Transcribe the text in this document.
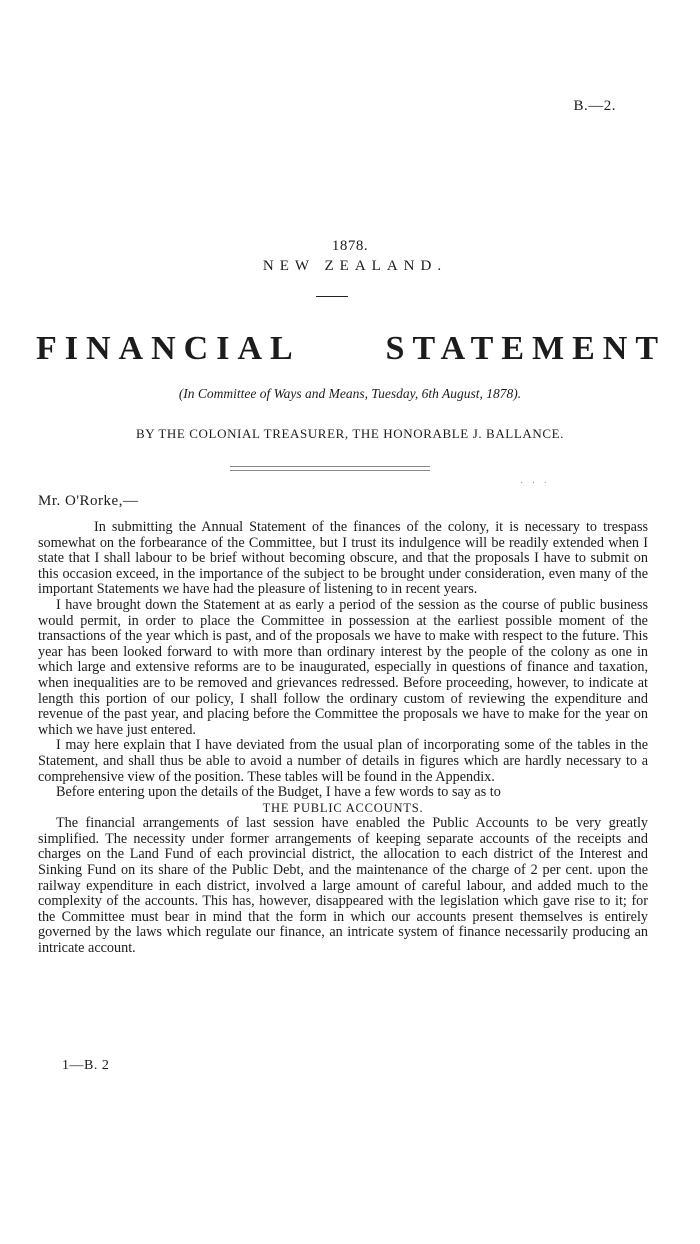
B.—2.
1878.
NEW ZEALAND.
FINANCIAL STATEMENT
(In Committee of Ways and Means, Tuesday, 6th August, 1878).
BY THE COLONIAL TREASURER, THE HONORABLE J. BALLANCE.
· · ·
Mr. O'Rorke,—

In submitting the Annual Statement of the finances of the colony, it is necessary to trespass somewhat on the forbearance of the Committee, but I trust its indulgence will be readily extended when I state that I shall labour to be brief without becoming obscure, and that the proposals I have to submit on this occasion exceed, in the importance of the subject to be brought under consideration, even many of the important Statements we have had the pleasure of listening to in recent years.

I have brought down the Statement at as early a period of the session as the course of public business would permit, in order to place the Committee in possession at the earliest possible moment of the transactions of the year which is past, and of the proposals we have to make with respect to the future. This year has been looked forward to with more than ordinary interest by the people of the colony as one in which large and extensive reforms are to be inaugurated, especially in questions of finance and taxation, when inequalities are to be removed and grievances redressed. Before proceeding, however, to indicate at length this portion of our policy, I shall follow the ordinary custom of reviewing the expenditure and revenue of the past year, and placing before the Committee the proposals we have to make for the year on which we have just entered.

I may here explain that I have deviated from the usual plan of incorporating some of the tables in the Statement, and shall thus be able to avoid a number of details in figures which are hardly necessary to a comprehensive view of the position. These tables will be found in the Appendix.

Before entering upon the details of the Budget, I have a few words to say as to

THE PUBLIC ACCOUNTS.

The financial arrangements of last session have enabled the Public Accounts to be very greatly simplified. The necessity under former arrangements of keeping separate accounts of the receipts and charges on the Land Fund of each provincial district, the allocation to each district of the Interest and Sinking Fund on its share of the Public Debt, and the maintenance of the charge of 2 per cent. upon the railway expenditure in each district, involved a large amount of careful labour, and added much to the complexity of the accounts. This has, however, disappeared with the legislation which gave rise to it; for the Committee must bear in mind that the form in which our accounts present themselves is entirely governed by the laws which regulate our finance, an intricate system of finance necessarily producing an intricate account.

1—B. 2
